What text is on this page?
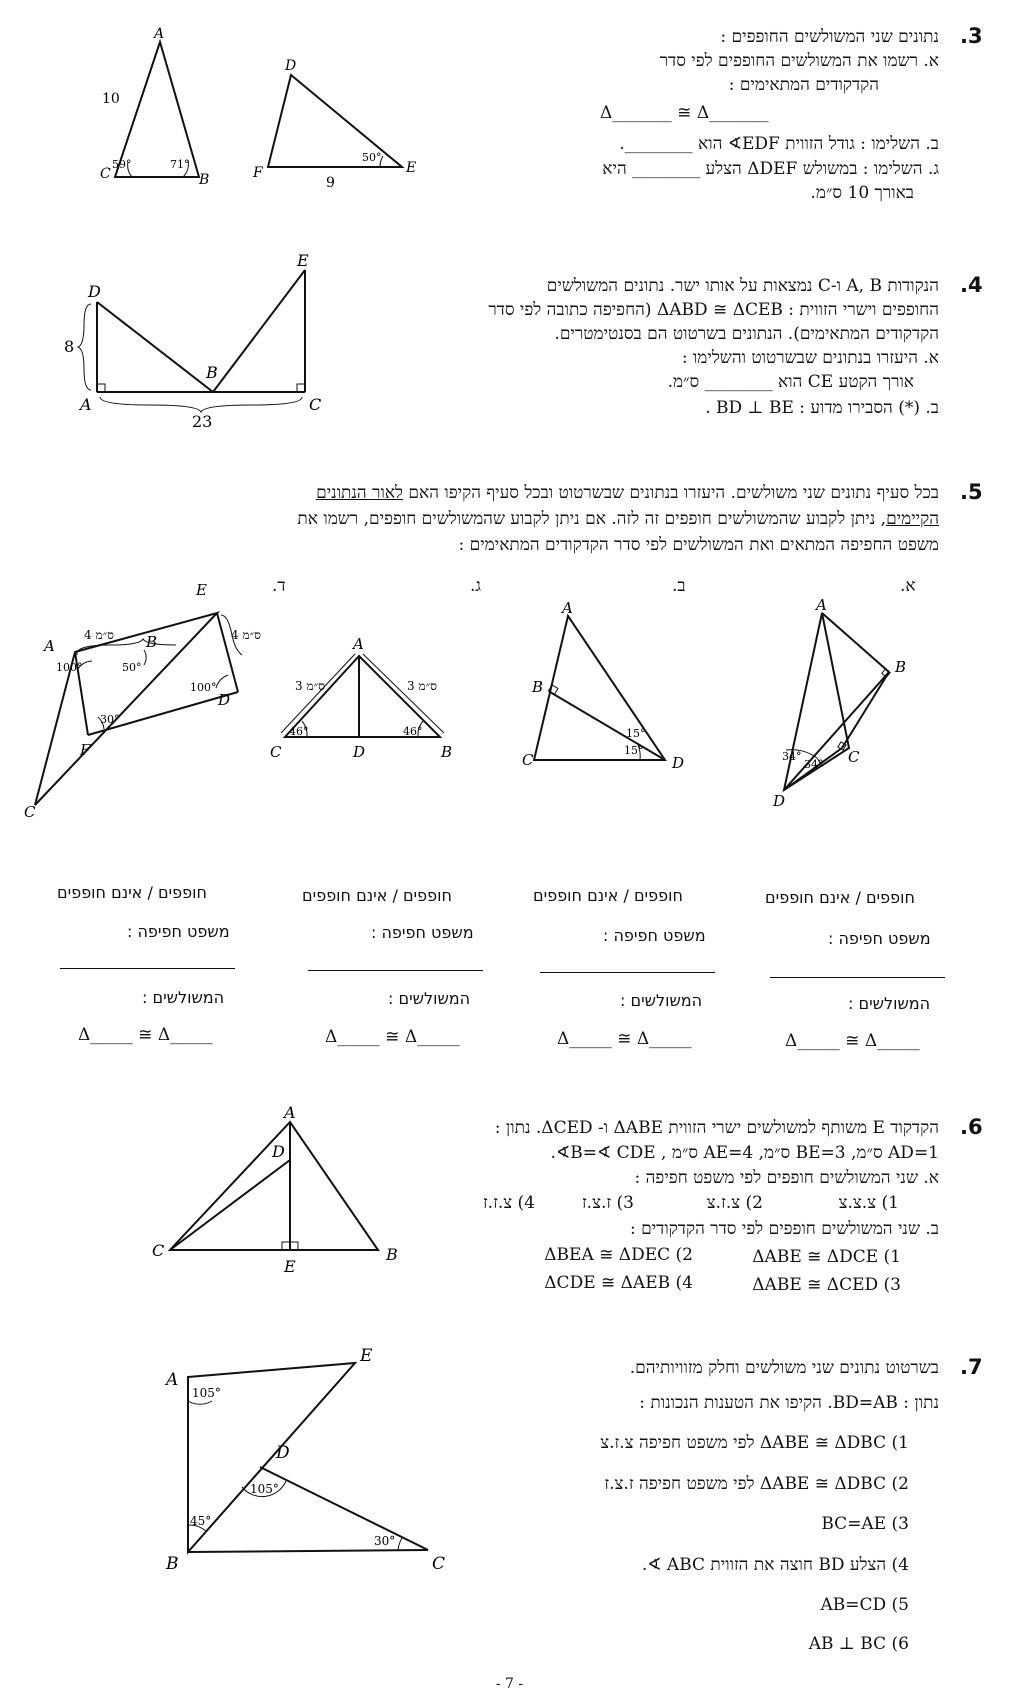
.3
נתונים שני המשולשים החופפים :
א. רשמו את המשולשים החופפים לפי סדר
הקדקודים המתאימים :
Δ_______ ≅ Δ_______
ב. השלימו : גודל הזווית EDF∢ הוא ________.
ג. השלימו : במשולש ΔDEF הצלע ________ היא
באורך 10 ס״מ.
A
B
C
D
E
F
10
59°	71°
50°
9
.4
הנקודות A, B ו-C נמצאות על אותו ישר. נתונים המשולשים
החופפים וישרי הזווית : ΔABD ≅ ΔCEB (החפיפה כתובה לפי סדר
הקדקודים המתאימים). הנתונים בשרטוט הם בסנטימטרים.
א. היעזרו בנתונים שבשרטוט והשלימו :
אורך הקטע CE הוא ________ ס״מ.
ב. (*) הסבירו מדוע : BD ⊥ BE .
D
E
B
A	C
8
23
.5
בכל סעיף נתונים שני משולשים. היעזרו בנתונים שבשרטוט ובכל סעיף הקיפו האם לאור הנתונים
הקיימים, ניתן לקבוע שהמשולשים חופפים זה לזה. אם ניתן לקבוע שהמשולשים חופפים, רשמו את
משפט החפיפה המתאים ואת המשולשים לפי סדר הקדקודים המתאימים :
א.
ב.
ג.
ד.
A
B
C
D
34°
34°
A
B
C	D
15°
15°
A
C	D	B
46°	46°
3 ס״מ	3 ס״מ
A	B
E
D
F
C
4 ס״מ	4 ס״מ
100°	50°
100°
30°
חופפים / אינם חופפים
חופפים / אינם חופפים
חופפים / אינם חופפים
חופפים / אינם חופפים
משפט חפיפה :
משפט חפיפה :
משפט חפיפה :
משפט חפיפה :
המשולשים :
המשולשים :
המשולשים :
המשולשים :
Δ_____ ≅ Δ_____
Δ_____ ≅ Δ_____
Δ_____ ≅ Δ_____
Δ_____ ≅ Δ_____
.6
הקדקוד E משותף למשולשים ישרי הזווית ΔABE ו- ΔCED. נתון :
AD=1 ס״מ, BE=3 ס״מ, AE=4 ס״מ , B=∢ CDE∢.
א. שני המשולשים חופפים לפי משפט חפיפה :
1) צ.צ.צ
2) צ.ז.צ
3) ז.צ.ז
4) צ.ז.ז
ב. שני המשולשים חופפים לפי סדר הקדקודים :
1) ΔABE ≅ ΔDCE
2) ΔBEA ≅ ΔDEC
3) ΔABE ≅ ΔCED
4) ΔCDE ≅ ΔAEB
A
D
C
E
B
.7
בשרטוט נתונים שני משולשים וחלק מזוויותיהם.
נתון : BD=AB. הקיפו את הטענות הנכונות :
1) ΔABE ≅ ΔDBC לפי משפט חפיפה צ.ז.צ
2) ΔABE ≅ ΔDBC לפי משפט חפיפה ז.צ.ז
3) BC=AE
4) הצלע BD חוצה את הזווית ABC ∢.
5) AB=CD
6) AB ⊥ BC
A
E
D
B	C
105°
105°
45°
30°
- 7 -
